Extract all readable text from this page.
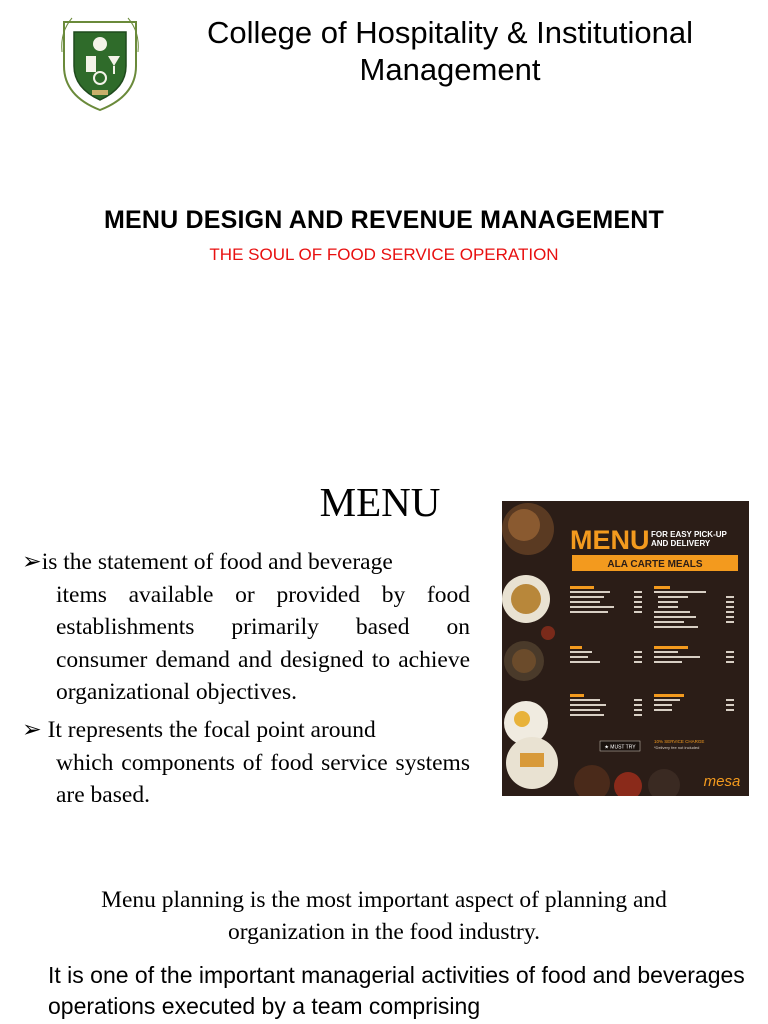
College of Hospitality & Institutional
Management
MENU DESIGN AND REVENUE MANAGEMENT
THE SOUL OF FOOD SERVICE OPERATION
MENU
➢is the statement of food and beverage
items available or provided by food establishments primarily based on consumer demand and designed to achieve organizational objectives.
➢ It represents the focal point around
which components of food service systems are based.
MENU FOR EASY PICK-UP
AND DELIVERY
ALA CARTE MEALS
★ MUST TRY
10% SERVICE CHARGE
*Delivery fee not included
mesa
Menu planning is the most important aspect of planning and organization in the food industry.
It is one of the important managerial activities of food and beverages operations executed by a team comprising
